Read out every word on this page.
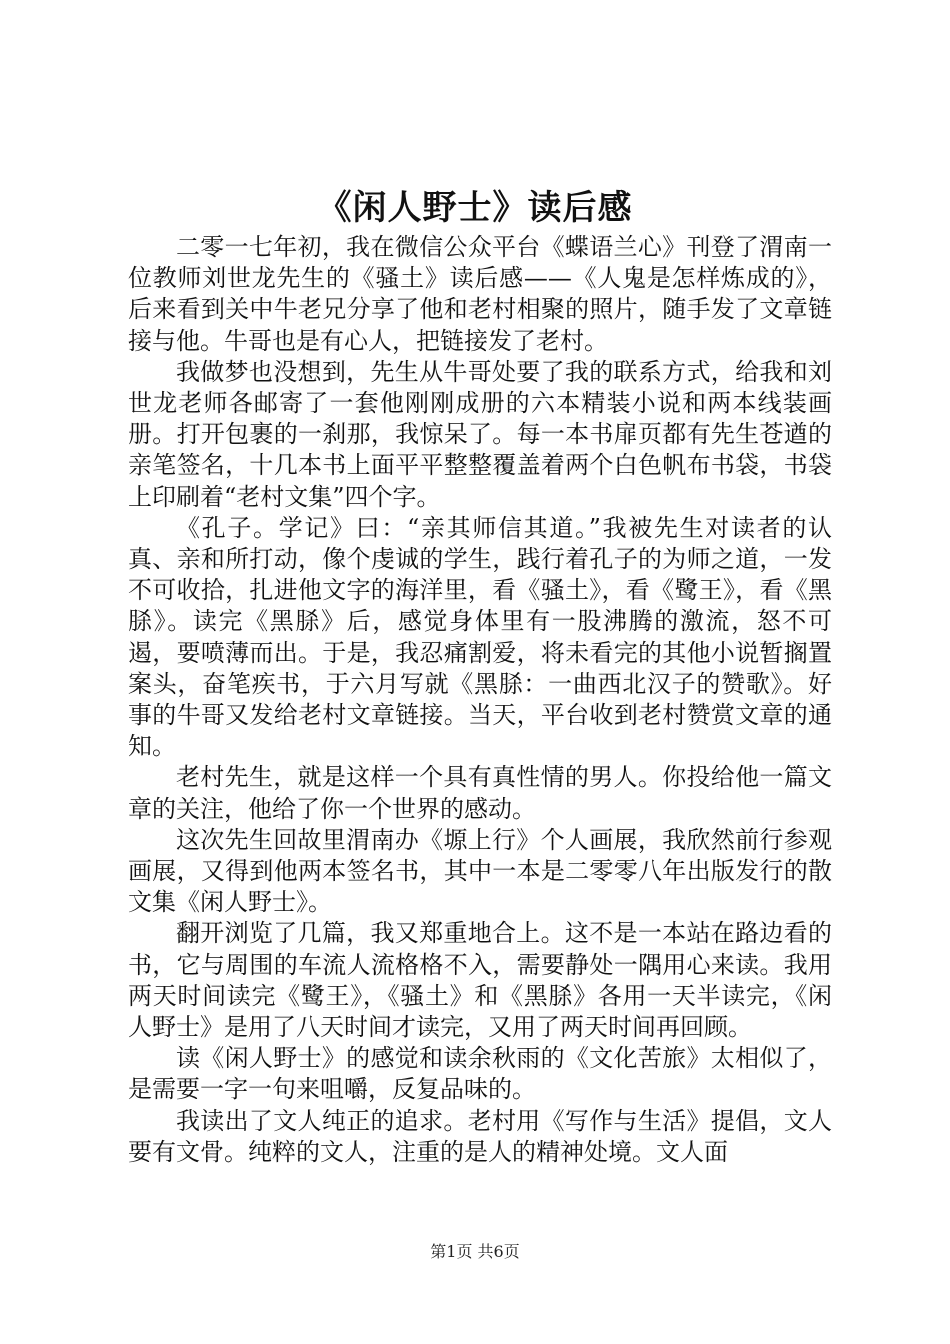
《闲人野士》读后感

二零一七年初，我在微信公众平台《蝶语兰心》刊登了渭南一位教师刘世龙先生的《骚土》读后感——《人鬼是怎样炼成的》，后来看到关中牛老兄分享了他和老村相聚的照片，随手发了文章链接与他。牛哥也是有心人，把链接发了老村。

我做梦也没想到，先生从牛哥处要了我的联系方式，给我和刘世龙老师各邮寄了一套他刚刚成册的六本精装小说和两本线装画册。打开包裹的一刹那，我惊呆了。每一本书扉页都有先生苍遒的亲笔签名，十几本书上面平平整整覆盖着两个白色帆布书袋，书袋上印刷着“老村文集”四个字。

《孔子。学记》曰：“亲其师信其道。”我被先生对读者的认真、亲和所打动，像个虔诚的学生，践行着孔子的为师之道，一发不可收拾，扎进他文字的海洋里，看《骚土》，看《鹭王》，看《黑脎》。读完《黑脎》后，感觉身体里有一股沸腾的激流，怒不可遏，要喷薄而出。于是，我忍痛割爱，将未看完的其他小说暂搁置案头，奋笔疾书，于六月写就《黑脎：一曲西北汉子的赞歌》。好事的牛哥又发给老村文章链接。当天，平台收到老村赞赏文章的通知。

老村先生，就是这样一个具有真性情的男人。你投给他一篇文章的关注，他给了你一个世界的感动。

这次先生回故里渭南办《塬上行》个人画展，我欣然前行参观画展，又得到他两本签名书，其中一本是二零零八年出版发行的散文集《闲人野士》。

翻开浏览了几篇，我又郑重地合上。这不是一本站在路边看的书，它与周围的车流人流格格不入，需要静处一隅用心来读。我用两天时间读完《鹭王》，《骚土》和《黑脎》各用一天半读完，《闲人野士》是用了八天时间才读完，又用了两天时间再回顾。

读《闲人野士》的感觉和读余秋雨的《文化苦旅》太相似了，是需要一字一句来咀嚼，反复品味的。

我读出了文人纯正的追求。老村用《写作与生活》提倡，文人要有文骨。纯粹的文人，注重的是人的精神处境。文人面

第1页 共6页
